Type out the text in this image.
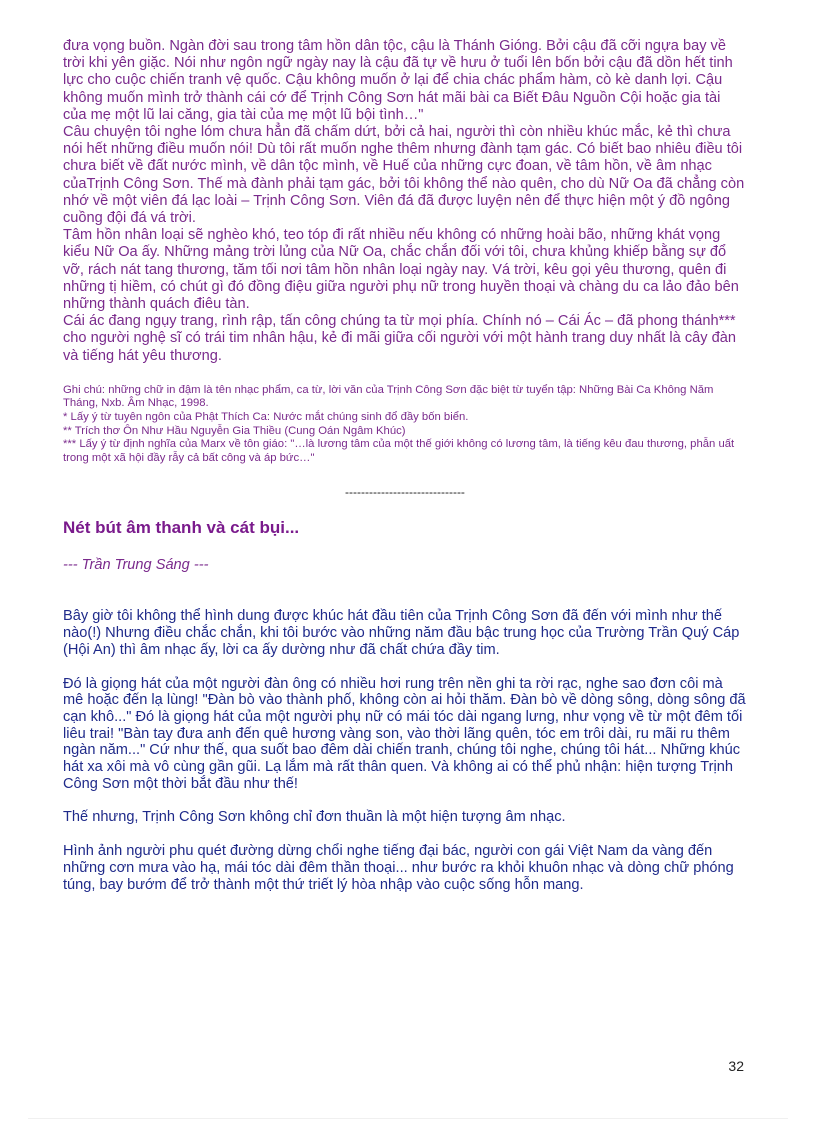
đưa vọng buồn. Ngàn đời sau trong tâm hồn dân tộc, cậu là Thánh Gióng. Bởi cậu đã cỡi ngựa bay về trời khi yên giặc. Nói như ngôn ngữ ngày nay là cậu đã tự về hưu ở tuổi lên bốn bởi cậu đã dồn hết tinh lực cho cuộc chiến tranh vệ quốc. Cậu không muốn ở lại để chia chác phẩm hàm, cò kè danh lợi. Cậu không muốn mình trở thành cái cớ để Trịnh Công Sơn hát mãi bài ca Biết Đâu Nguồn Cội hoặc gia tài của mẹ một lũ lai căng, gia tài của mẹ một lũ bội tình…"

Câu chuyện tôi nghe lóm chưa hẳn đã chấm dứt, bởi cả hai, người thì còn nhiều khúc mắc, kẻ thì chưa nói hết những điều muốn nói! Dù tôi rất muốn nghe thêm nhưng đành tạm gác. Có biết bao nhiêu điều tôi chưa biết về đất nước mình, về dân tộc mình, về Huế của những cực đoan, về tâm hồn, về âm nhạc củaTrịnh Công Sơn. Thế mà đành phải tạm gác, bởi tôi không thể nào quên, cho dù Nữ Oa đã chẳng còn nhớ về một viên đá lạc loài – Trịnh Công Sơn. Viên đá đã được luyện nên để thực hiện một ý đồ ngông cuồng đội đá vá trời.

Tâm hồn nhân loại sẽ nghèo khó, teo tóp đi rất nhiều nếu không có những hoài bão, những khát vọng kiểu Nữ Oa ấy. Những mảng trời lủng của Nữ Oa, chắc chắn đối với tôi, chưa khủng khiếp bằng sự đổ vỡ, rách nát tang thương, tăm tối nơi tâm hồn nhân loại ngày nay. Vá trời, kêu gọi yêu thương, quên đi những tị hiềm, có chút gì đó đồng điệu giữa người phụ nữ trong huyền thoại và chàng du ca lảo đảo bên những thành quách điêu tàn.

Cái ác đang ngụy trang, rình rập, tấn công chúng ta từ mọi phía. Chính nó – Cái Ác – đã phong thánh*** cho người nghệ sĩ có trái tim nhân hậu, kẻ đi mãi giữa cối người với một hành trang duy nhất là cây đàn và tiếng hát yêu thương.

Ghi chú: những chữ in đậm là tên nhạc phẩm, ca từ, lời văn của Trịnh Công Sơn đặc biệt từ tuyển tập: Những Bài Ca Không Năm Tháng, Nxb. Âm Nhạc, 1998.

* Lấy ý từ tuyên ngôn của Phật Thích Ca: Nước mắt chúng sinh đổ đầy bốn biển.

** Trích thơ Ôn Như Hầu Nguyễn Gia Thiều (Cung Oán Ngâm Khúc)

*** Lấy ý từ định nghĩa của Marx về tôn giáo: "…là lương tâm của một thế giới không có lương tâm, là tiếng kêu đau thương, phẫn uất trong một xã hội đầy rẫy cả bất công và áp bức…"

------------------------------
Nét bút âm thanh và cát bụi...

--- Trần Trung Sáng ---

Bây giờ tôi không thể hình dung được khúc hát đầu tiên của Trịnh Công Sơn đã đến với mình như thế nào(!) Nhưng điều chắc chắn, khi tôi bước vào những năm đầu bậc trung học của Trường Trần Quý Cáp (Hội An) thì âm nhạc ấy, lời ca ấy dường như đã chất chứa đầy tim.

Đó là giọng hát của một người đàn ông có nhiều hơi rung trên nền ghi ta rời rạc, nghe sao đơn côi mà mê hoặc đến lạ lùng! "Đàn bò vào thành phố, không còn ai hỏi thăm. Đàn bò về dòng sông, dòng sông đã cạn khô..." Đó là giọng hát của một người phụ nữ có mái tóc dài ngang lưng, như vọng về từ một đêm tối liêu trai! "Bàn tay đưa anh đến quê hương vàng son, vào thời lãng quên, tóc em trôi dài, ru mãi ru thêm ngàn năm..." Cứ như thế, qua suốt bao đêm dài chiến tranh, chúng tôi nghe, chúng tôi hát... Những khúc hát xa xôi mà vô cùng gần gũi. Lạ lắm mà rất thân quen. Và không ai có thể phủ nhận: hiện tượng Trịnh Công Sơn một thời bắt đầu như thế!

Thế nhưng, Trịnh Công Sơn không chỉ đơn thuần là một hiện tượng âm nhạc.

Hình ảnh người phu quét đường dừng chổi nghe tiếng đại bác, người con gái Việt Nam da vàng đến những cơn mưa vào hạ, mái tóc dài đêm thần thoại... như bước ra khỏi khuôn nhạc và dòng chữ phóng túng, bay bướm để trở thành một thứ triết lý hòa nhập vào cuộc sống hỗn mang.

32
